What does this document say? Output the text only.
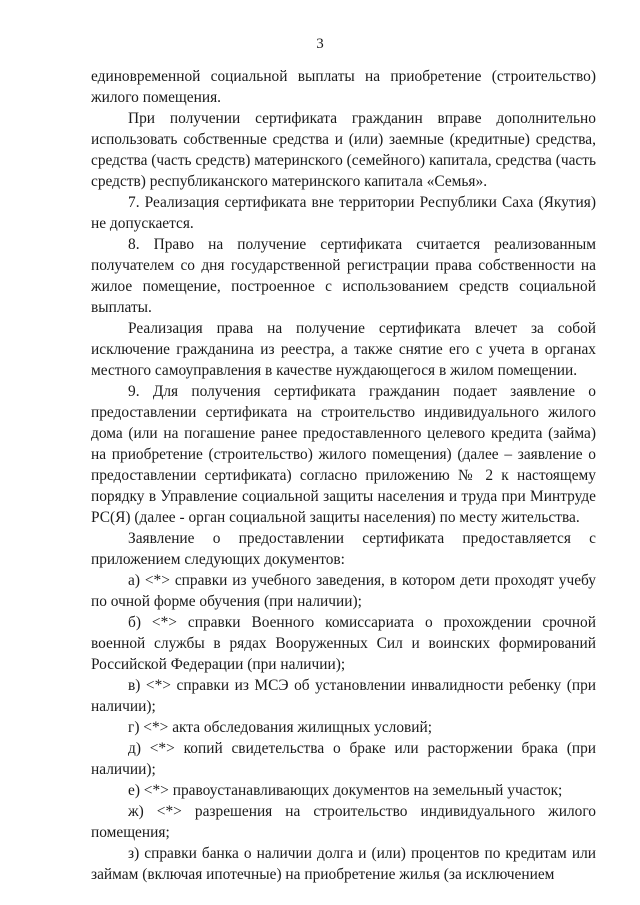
3

единовременной социальной выплаты на приобретение (строительство) жилого помещения.

При получении сертификата гражданин вправе дополнительно использовать собственные средства и (или) заемные (кредитные) средства, средства (часть средств) материнского (семейного) капитала, средства (часть средств) республиканского материнского капитала «Семья».

7. Реализация сертификата вне территории Республики Саха (Якутия) не допускается.

8. Право на получение сертификата считается реализованным получателем со дня государственной регистрации права собственности на жилое помещение, построенное с использованием средств социальной выплаты.

Реализация права на получение сертификата влечет за собой исключение гражданина из реестра, а также снятие его с учета в органах местного самоуправления в качестве нуждающегося в жилом помещении.

9. Для получения сертификата гражданин подает заявление о предоставлении сертификата на строительство индивидуального жилого дома (или на погашение ранее предоставленного целевого кредита (займа) на приобретение (строительство) жилого помещения) (далее – заявление о предоставлении сертификата) согласно приложению № 2 к настоящему порядку в Управление социальной защиты населения и труда при Минтруде РС(Я) (далее - орган социальной защиты населения) по месту жительства.

Заявление о предоставлении сертификата предоставляется с приложением следующих документов:

а) <*> справки из учебного заведения, в котором дети проходят учебу по очной форме обучения (при наличии);

б) <*> справки Военного комиссариата о прохождении срочной военной службы в рядах Вооруженных Сил и воинских формирований Российской Федерации (при наличии);

в) <*> справки из МСЭ об установлении инвалидности ребенку (при наличии);

г) <*> акта обследования жилищных условий;

д) <*> копий свидетельства о браке или расторжении брака (при наличии);

е) <*> правоустанавливающих документов на земельный участок;

ж) <*> разрешения на строительство индивидуального жилого помещения;

з) справки банка о наличии долга и (или) процентов по кредитам или займам (включая ипотечные) на приобретение жилья (за исключением
